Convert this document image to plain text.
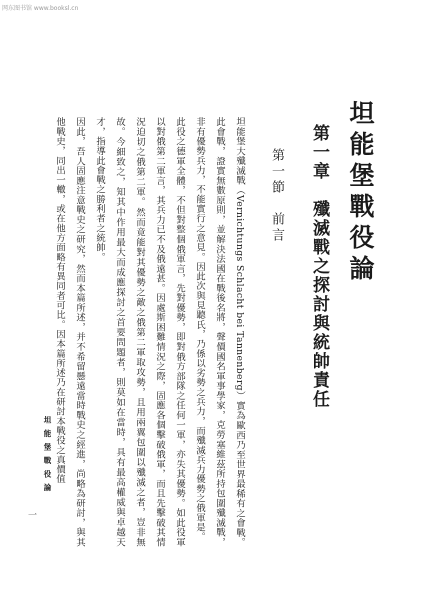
网东图书馆 www.booksl.cn
坦能堡戰役論
第一章　殲滅戰之探討與統帥責任
第一節　前言

坦能堡大殲滅戰（Vernichtungs Schlacht bei Tannenberg）實為歐西乃至世界最稀有之會戰。此會戰，證實無數原則，並解決法國在戰後名將，聲價國名軍事學家，克勞塞維茲所持包圍殲滅戰，非有優勢兵力，不能實行之意見。因此次與見聽氏，乃係以劣勢之兵力，而殲滅兵力優勢之俄軍是。

此役之德軍全體，不但對整個俄軍言，先對優勢，即對俄方部隊之任何一軍，亦失其優勢。如此役軍以對俄第二軍言，其兵力已不及俄遠甚。因處斯困難情況之際，固應各個擊破俄軍，而且先擊破其情況迫切之俄第二軍。然而竟能對其優勢之敵之俄第二軍取攻勢，且用兩翼包圍以殲滅之者，豈非無故。今細致之，知其中作用最大而成應探討之首要問題者，則莫如在當時，具有最高權威與卓越天才，指導此會戰之勝利者之統帥。

因此，吾人固應注意戰史之研究，然而本篇所述，并不希留懸遠當時戰史之經進，尚略為研討，與其他戰史，同出一轍，或在他方面略有異同者可比。因本篇所述乃在研討本戰役之真價值

坦能堡戰役論
一
